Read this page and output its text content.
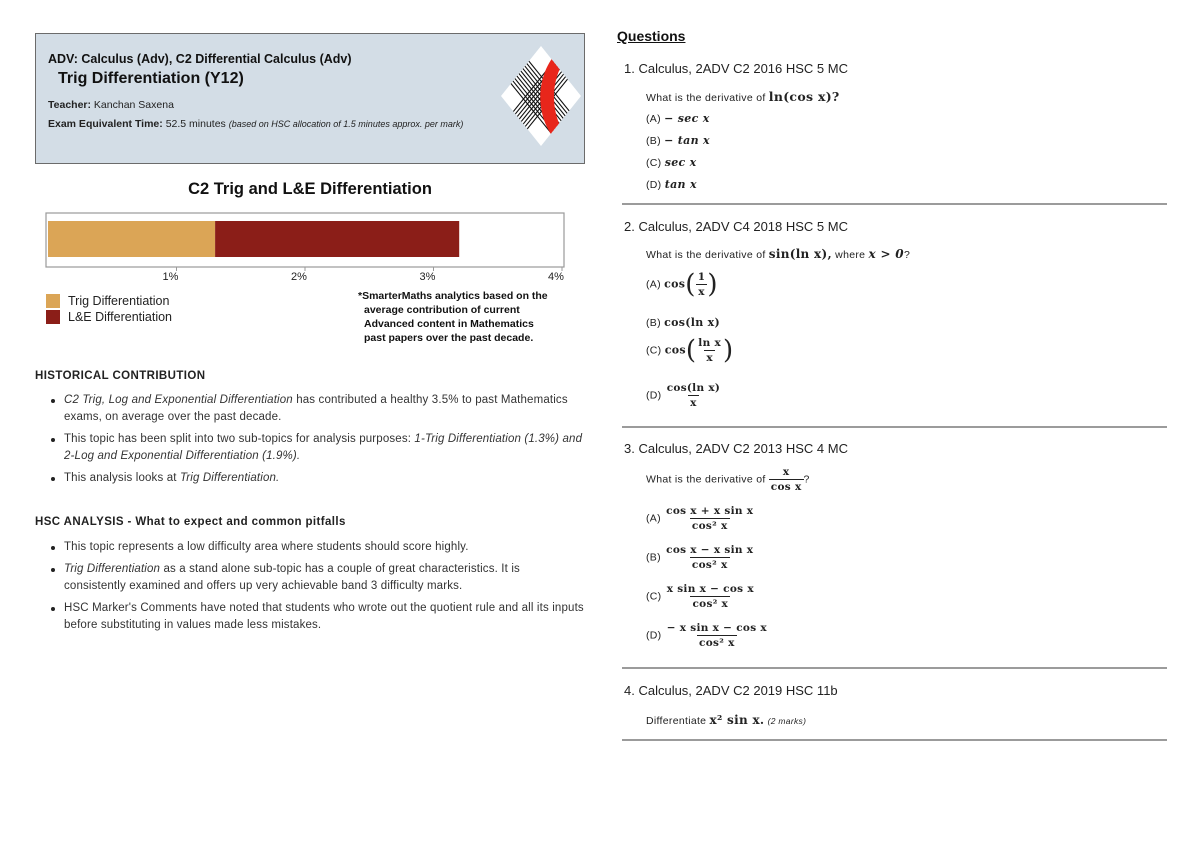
ADV: Calculus (Adv), C2 Differential Calculus (Adv)
Trig Differentiation (Y12)
Teacher: Kanchan Saxena
Exam Equivalent Time: 52.5 minutes (based on HSC allocation of 1.5 minutes approx. per mark)
C2 Trig and L&E Differentiation
1%	2%	3%	4%
Trig Differentiation
L&E Differentiation
*SmarterMaths analytics based on the
average contribution of current
Advanced content in Mathematics
past papers over the past decade.
HISTORICAL CONTRIBUTION
C2 Trig, Log and Exponential Differentiation has contributed a healthy 3.5% to past Mathematics exams, on average over the past decade.
This topic has been split into two sub-topics for analysis purposes: 1-Trig Differentiation (1.3%) and 2-Log and Exponential Differentiation (1.9%).
This analysis looks at Trig Differentiation.
HSC ANALYSIS - What to expect and common pitfalls
This topic represents a low difficulty area where students should score highly.
Trig Differentiation as a stand alone sub-topic has a couple of great characteristics. It is consistently examined and offers up very achievable band 3 difficulty marks.
HSC Marker's Comments have noted that students who wrote out the quotient rule and all its inputs before substituting in values made less mistakes.
Questions
1. Calculus, 2ADV C2 2016 HSC 5 MC
What is the derivative of ln(cos x)?
(A) − sec x
(B) − tan x
(C) sec x
(D) tan x
2. Calculus, 2ADV C4 2018 HSC 5 MC
What is the derivative of sin(ln x), where x > 0?
(A) $\cos( \frac{1}{x}$ )
(B) cos(ln x)
(C) $\cos( \frac{\text{ln x}}{x}$ )
$(D) \frac{\text{cos(ln x)}}{x}$
3. Calculus, 2ADV C2 2013 HSC 4 MC
What is the derivative of $\frac{x}{\text{cos x}}$ ?
$(A) \frac{\text{cos x + x sin x}}{\text{cos² x}}$
$(B) \frac{\text{cos x − x sin x}}{\text{cos² x}}$
$(C) \frac{\text{x sin x − cos x}}{\text{cos² x}}$
$(D) \frac{\text{− x sin x − cos x}}{\text{cos² x}}$
4. Calculus, 2ADV C2 2019 HSC 11b
Differentiate x² sin x. (2 marks)
